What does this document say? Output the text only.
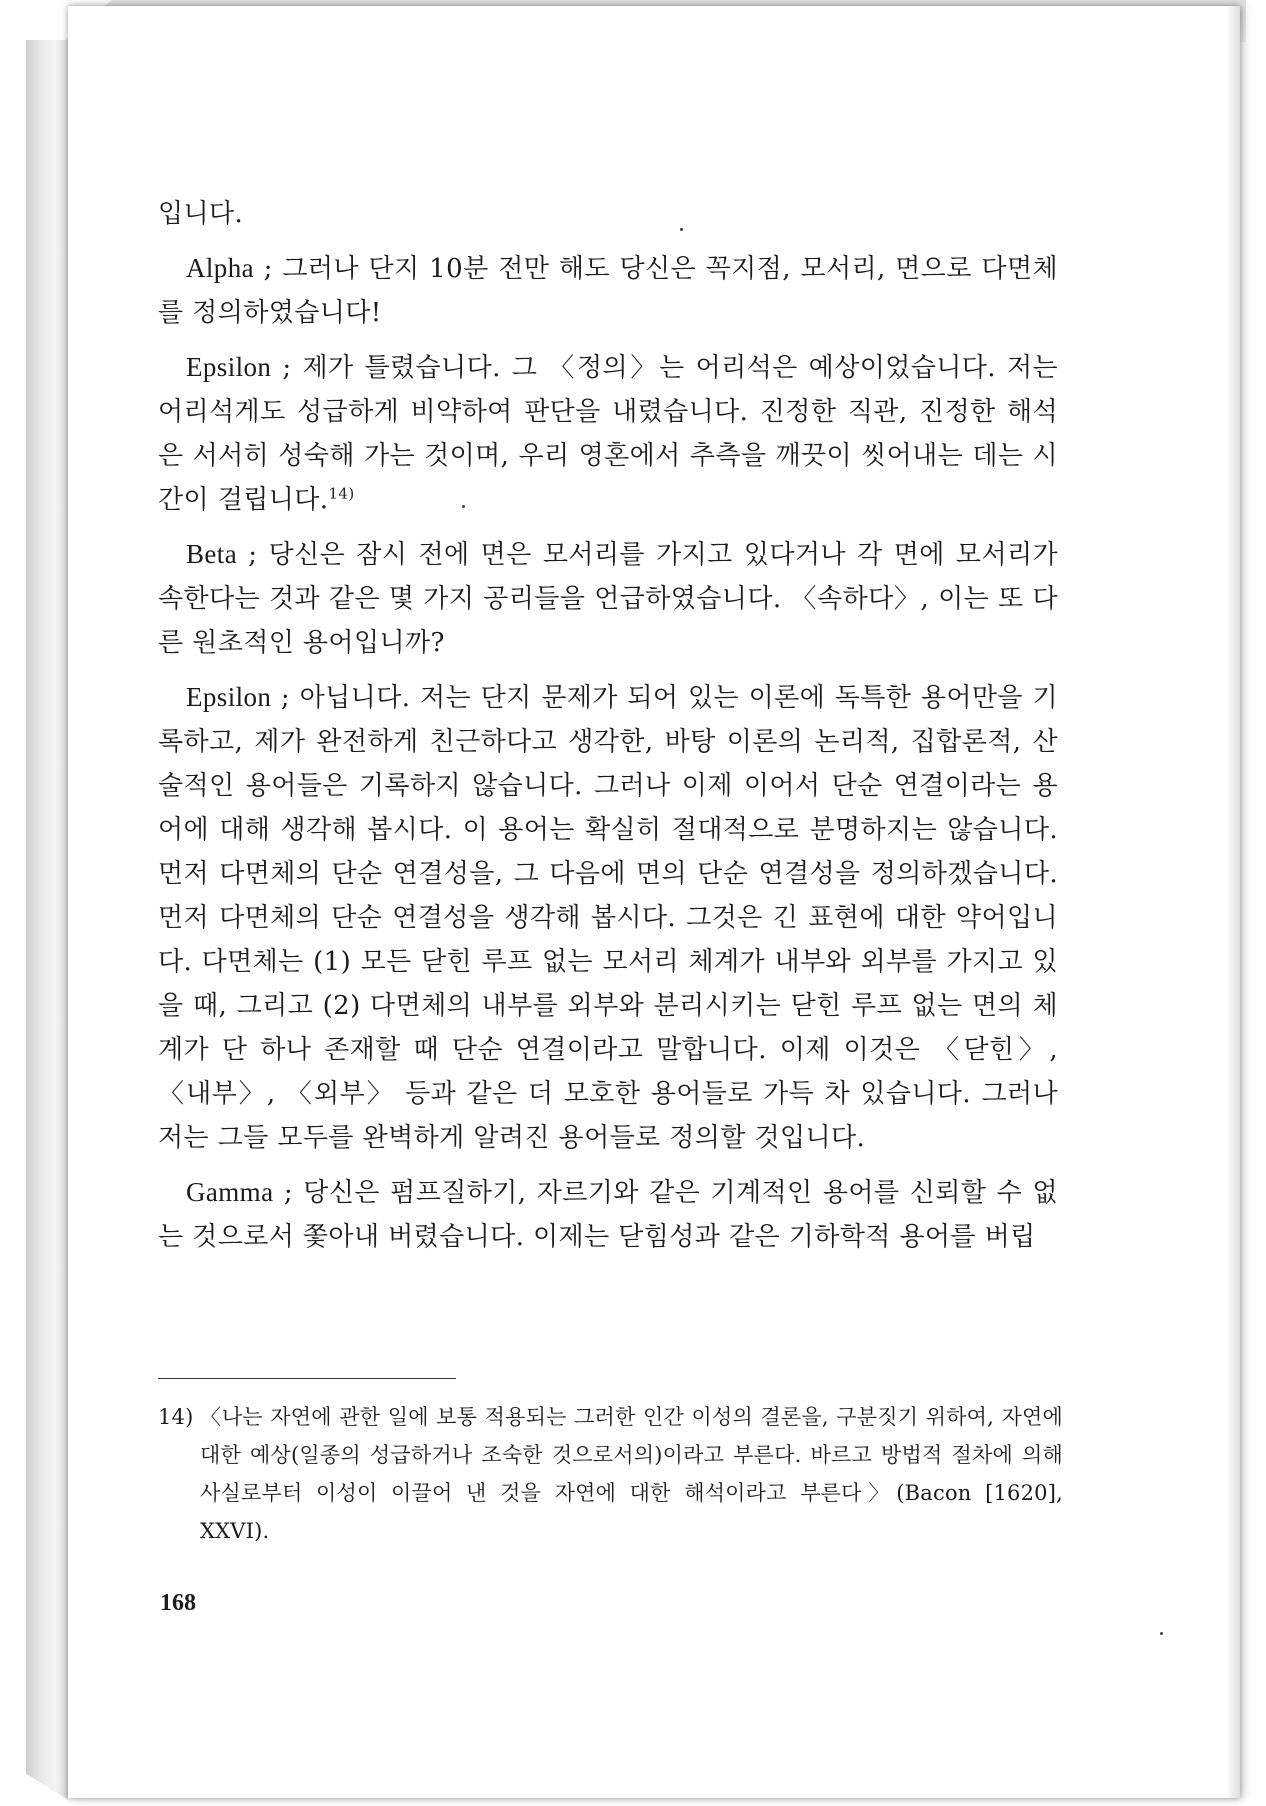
입니다.

Alpha ; 그러나 단지 10분 전만 해도 당신은 꼭지점, 모서리, 면으로 다면체를 정의하였습니다!

Epsilon ; 제가 틀렸습니다. 그 〈정의〉는 어리석은 예상이었습니다. 저는 어리석게도 성급하게 비약하여 판단을 내렸습니다. 진정한 직관, 진정한 해석은 서서히 성숙해 가는 것이며, 우리 영혼에서 추측을 깨끗이 씻어내는 데는 시간이 걸립니다.$^{14)}$

Beta ; 당신은 잠시 전에 면은 모서리를 가지고 있다거나 각 면에 모서리가 속한다는 것과 같은 몇 가지 공리들을 언급하였습니다. 〈속하다〉, 이는 또 다른 원초적인 용어입니까?

Epsilon ; 아닙니다. 저는 단지 문제가 되어 있는 이론에 독특한 용어만을 기록하고, 제가 완전하게 친근하다고 생각한, 바탕 이론의 논리적, 집합론적, 산술적인 용어들은 기록하지 않습니다. 그러나 이제 이어서 단순 연결이라는 용어에 대해 생각해 봅시다. 이 용어는 확실히 절대적으로 분명하지는 않습니다. 먼저 다면체의 단순 연결성을, 그 다음에 면의 단순 연결성을 정의하겠습니다. 먼저 다면체의 단순 연결성을 생각해 봅시다. 그것은 긴 표현에 대한 약어입니다. 다면체는 (1) 모든 닫힌 루프 없는 모서리 체계가 내부와 외부를 가지고 있을 때, 그리고 (2) 다면체의 내부를 외부와 분리시키는 닫힌 루프 없는 면의 체계가 단 하나 존재할 때 단순 연결이라고 말합니다. 이제 이것은 〈닫힌〉, 〈내부〉, 〈외부〉 등과 같은 더 모호한 용어들로 가득 차 있습니다. 그러나 저는 그들 모두를 완벽하게 알려진 용어들로 정의할 것입니다.

Gamma ; 당신은 펌프질하기, 자르기와 같은 기계적인 용어를 신뢰할 수 없는 것으로서 쫓아내 버렸습니다. 이제는 닫힘성과 같은 기하학적 용어를 버립

14) 〈나는 자연에 관한 일에 보통 적용되는 그러한 인간 이성의 결론을, 구분짓기 위하여, 자연에 대한 예상(일종의 성급하거나 조숙한 것으로서의)이라고 부른다. 바르고 방법적 절차에 의해 사실로부터 이성이 이끌어 낸 것을 자연에 대한 해석이라고 부른다〉(Bacon [1620], XXVI).
168
